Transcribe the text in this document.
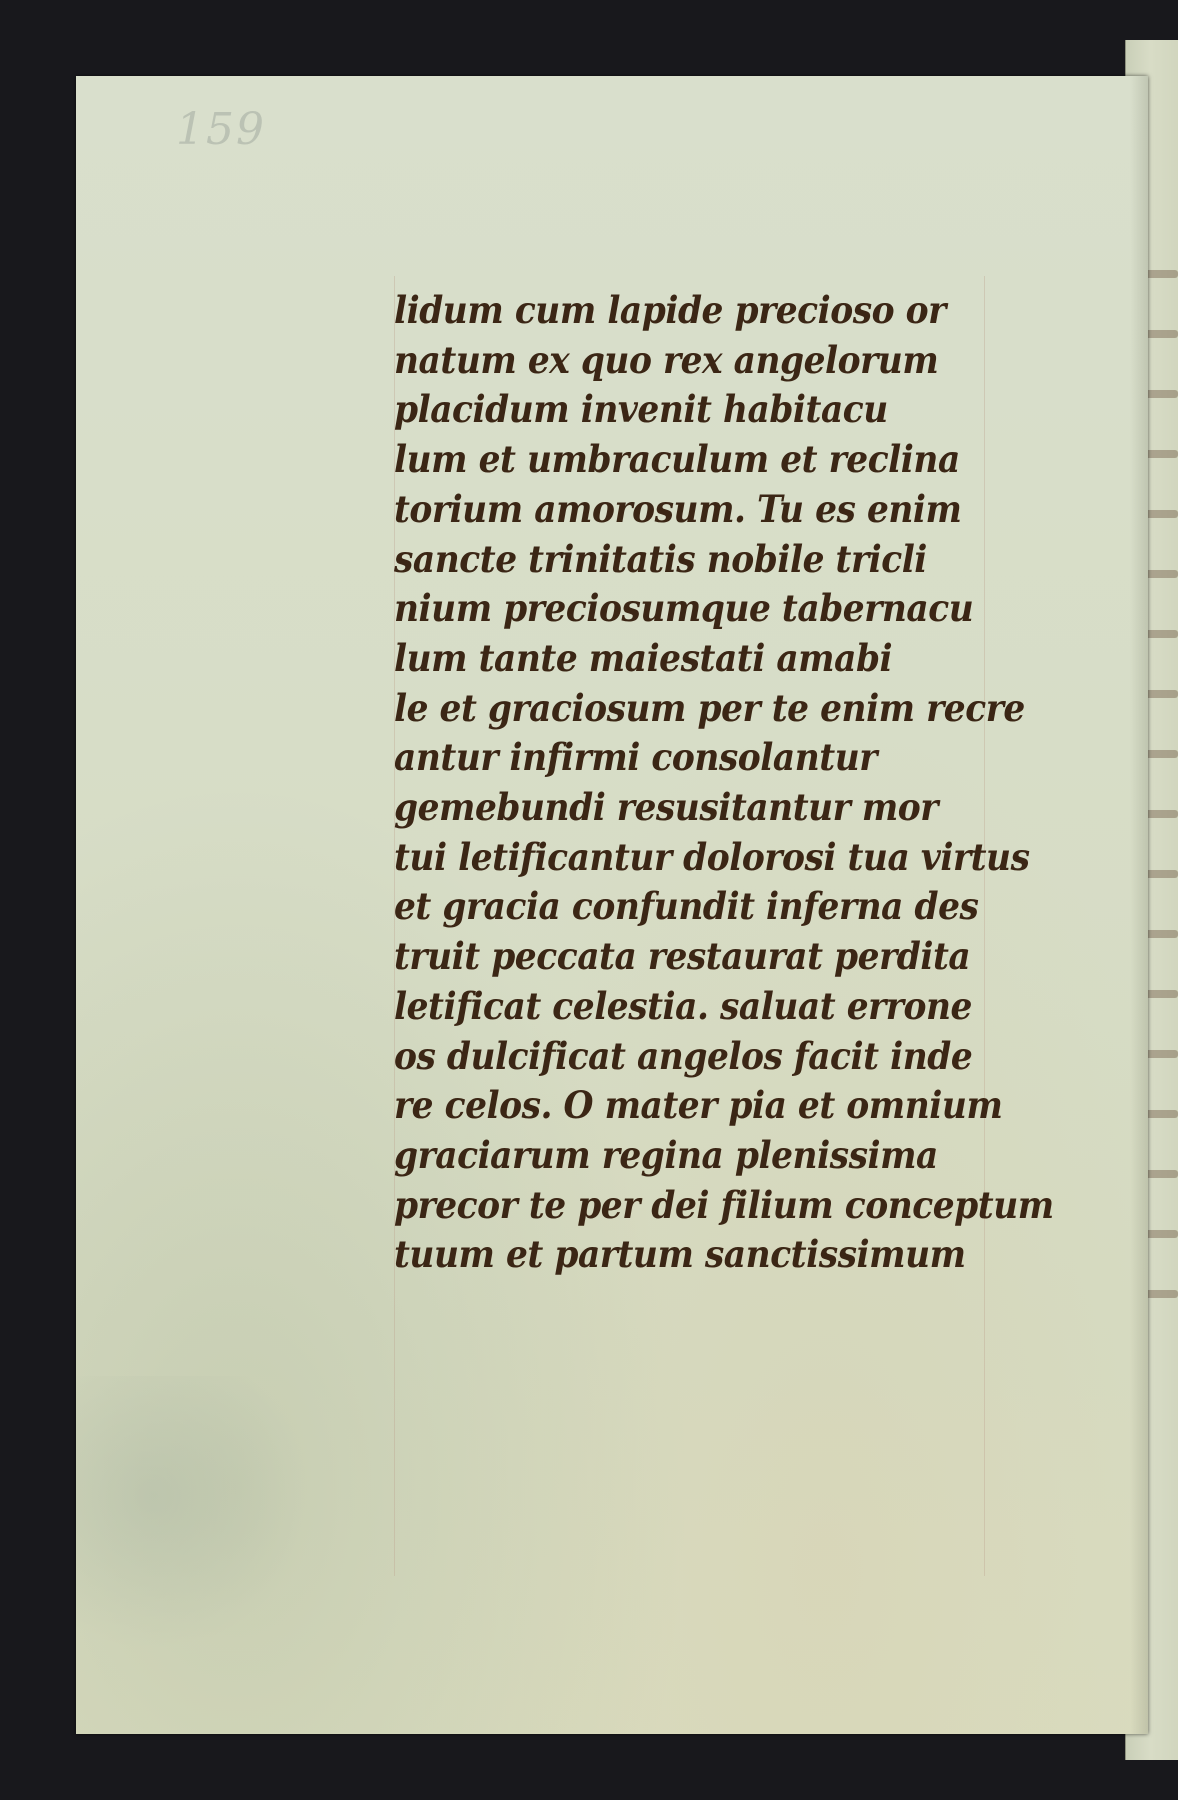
159
lidum cum lapide precioso or
natum ex quo rex angelorum
placidum invenit habitacu
lum et umbraculum et reclina
torium amorosum. Tu es enim
sancte trinitatis nobile tricli
nium preciosumque tabernacu
lum tante maiestati amabi
le et graciosum per te enim recre
antur infirmi consolantur
gemebundi resusitantur mor
tui letificantur dolorosi tua virtus
et gracia confundit inferna des
truit peccata restaurat perdita
letificat celestia. saluat errone
os dulcificat angelos facit inde
re celos. O mater pia et omnium
graciarum regina plenissima
precor te per dei filium conceptum
tuum et partum sanctissimum
